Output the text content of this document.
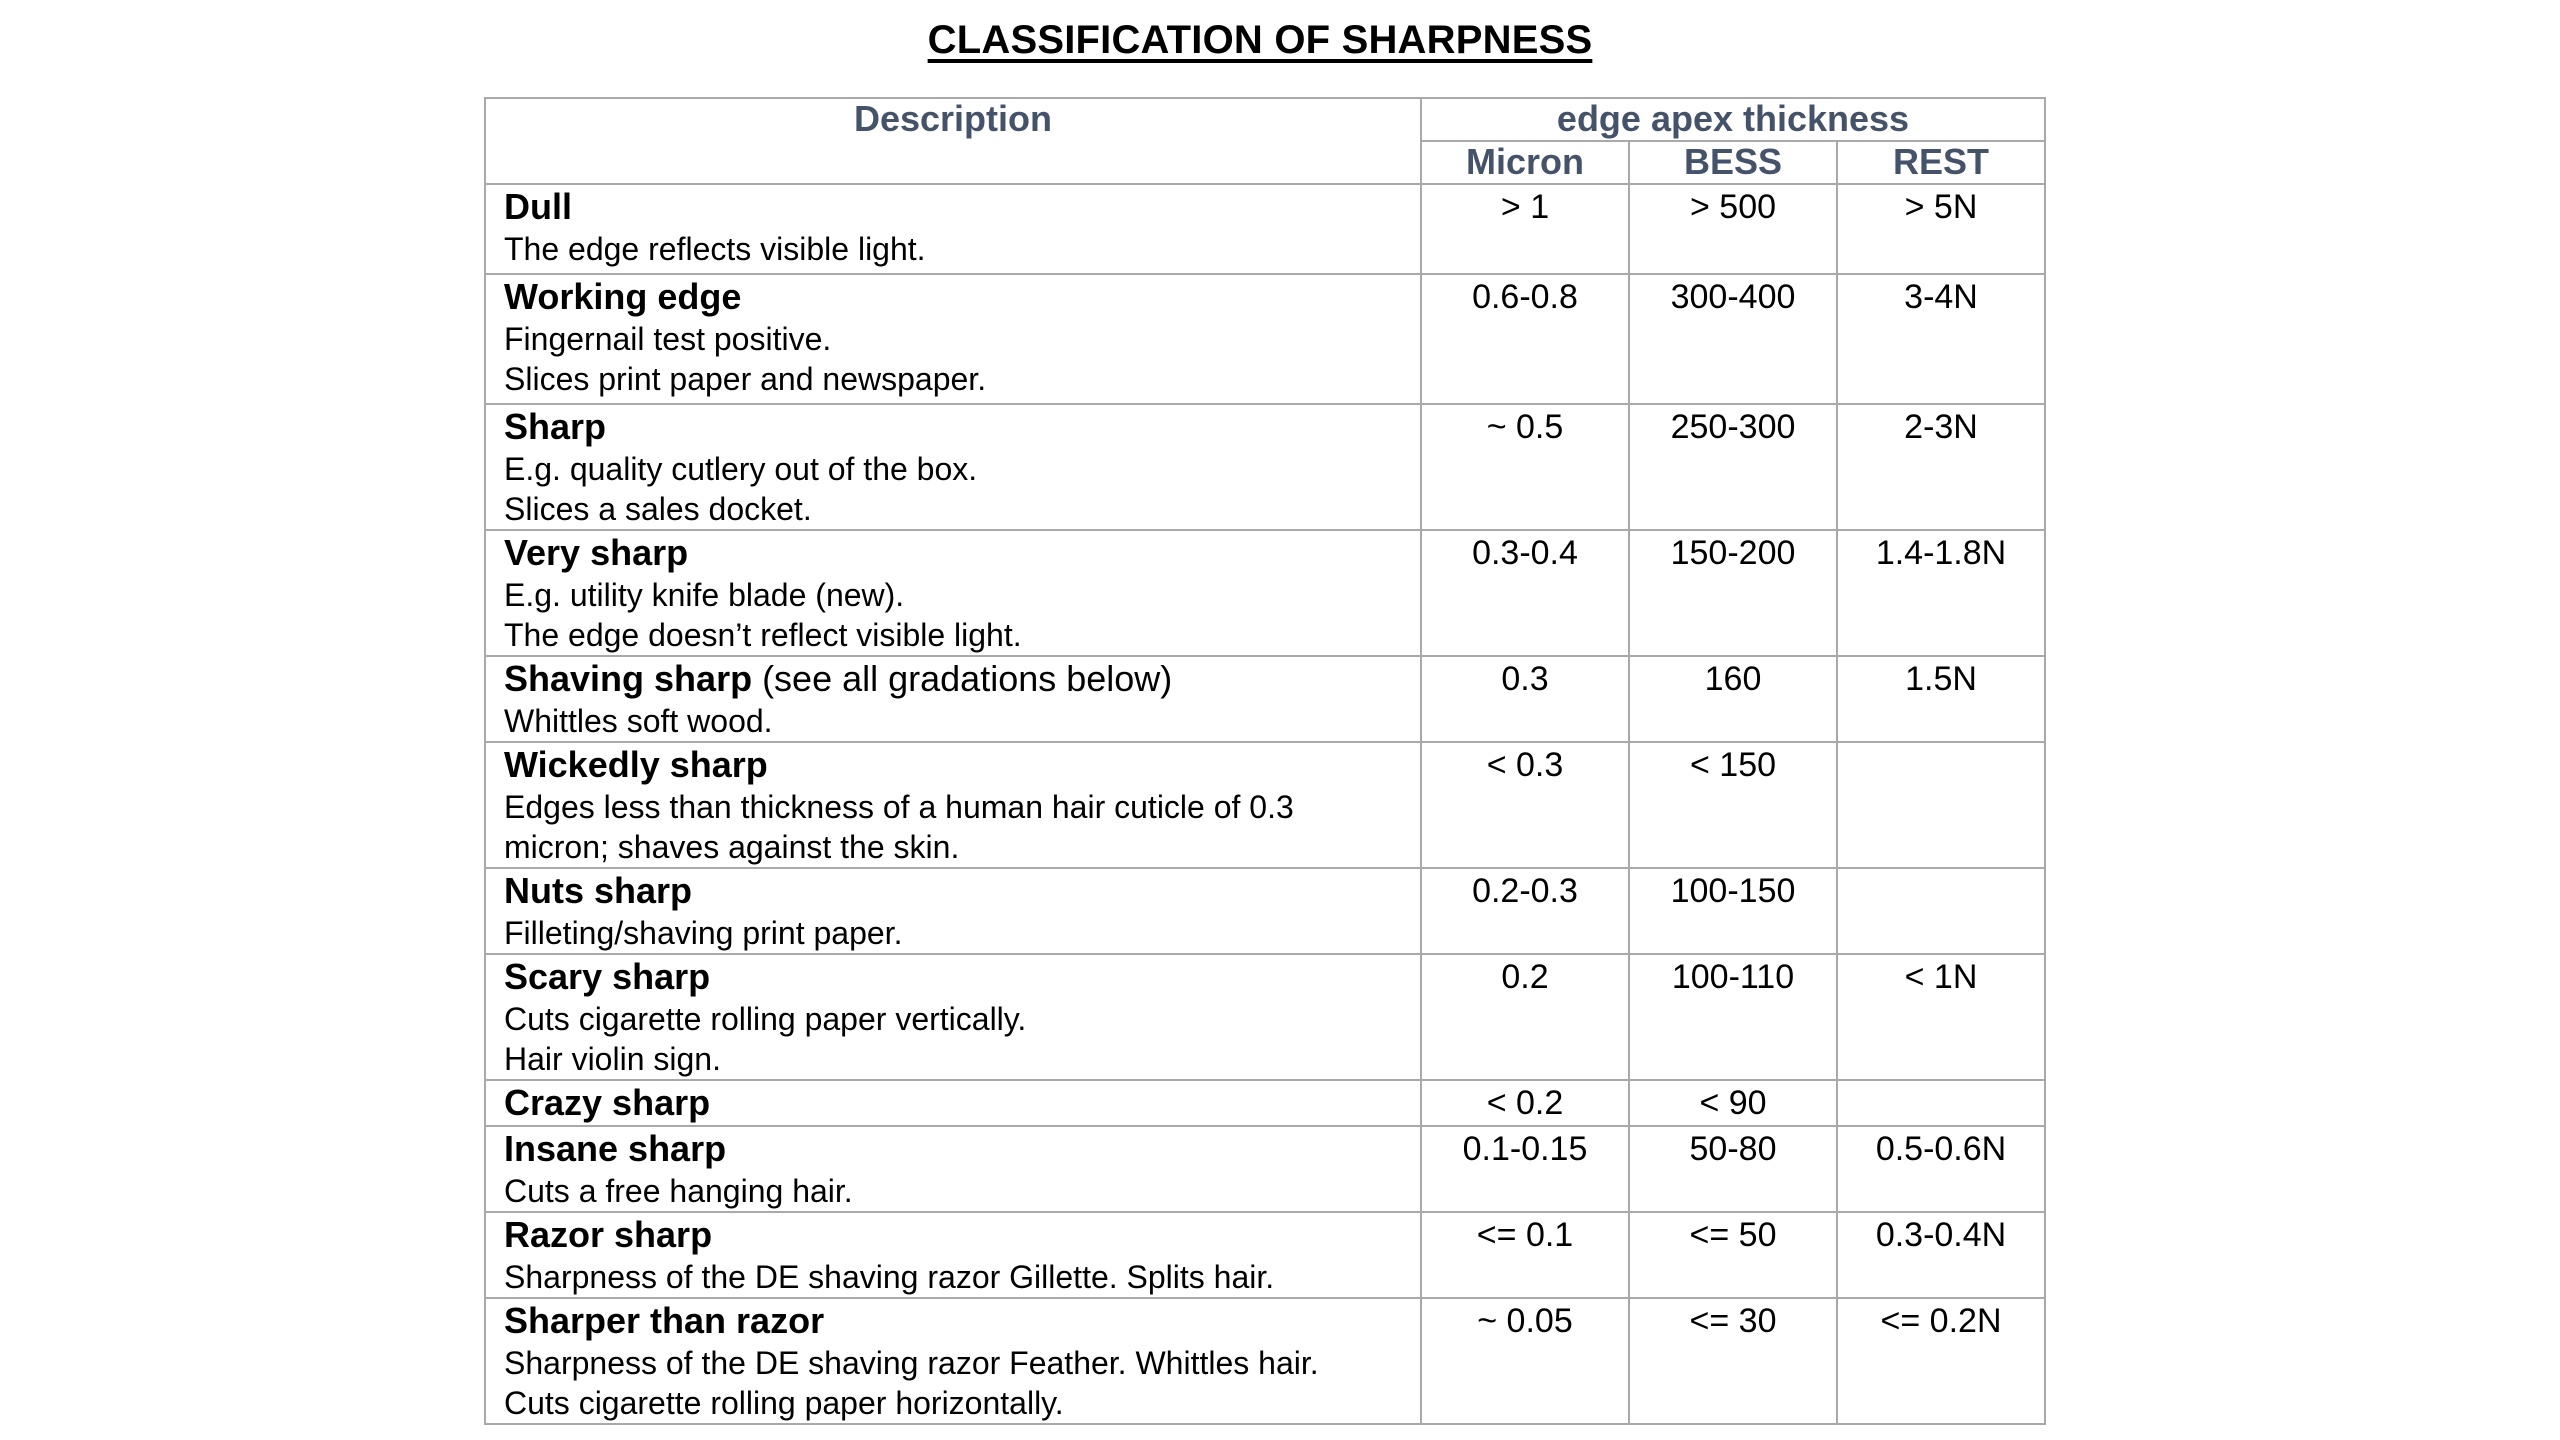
CLASSIFICATION OF SHARPNESS
Description	edge apex thickness		
	Micron	BESS	REST

Dull
The edge reflects visible light.	> 1	> 500	> 5N

Working edge
Fingernail test positive.
Slices print paper and newspaper.	0.6-0.8	300-400	3-4N

Sharp
E.g. quality cutlery out of the box.
Slices a sales docket.	~ 0.5	250-300	2-3N

Very sharp
E.g. utility knife blade (new).
The edge doesn’t reflect visible light.	0.3-0.4	150-200	1.4-1.8N

Shaving sharp (see all gradations below)
Whittles soft wood.	0.3	160	1.5N

Wickedly sharp
Edges less than thickness of a human hair cuticle of 0.3
micron; shaves against the skin.	< 0.3	< 150	

Nuts sharp
Filleting/shaving print paper.	0.2-0.3	100-150	

Scary sharp
Cuts cigarette rolling paper vertically.
Hair violin sign.	0.2	100-110	< 1N

Crazy sharp	< 0.2	< 90	

Insane sharp
Cuts a free hanging hair.	0.1-0.15	50-80	0.5-0.6N

Razor sharp
Sharpness of the DE shaving razor Gillette. Splits hair.	<= 0.1	<= 50	0.3-0.4N

Sharper than razor
Sharpness of the DE shaving razor Feather. Whittles hair.
Cuts cigarette rolling paper horizontally.	~ 0.05	<= 30	<= 0.2N
